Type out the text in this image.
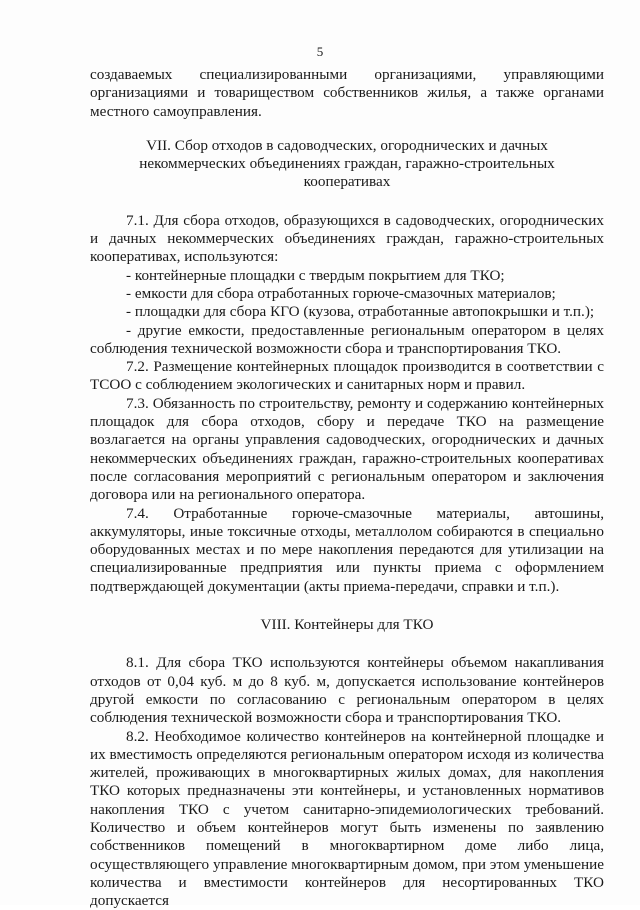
5

создаваемых специализированными организациями, управляющими организациями и товариществом собственников жилья, а также органами местного самоуправления.

VII. Сбор отходов в садоводческих, огороднических и дачных некоммерческих объединениях граждан, гаражно-строительных кооперативах

7.1. Для сбора отходов, образующихся в садоводческих, огороднических и дачных некоммерческих объединениях граждан, гаражно-строительных кооперативах, используются:

- контейнерные площадки с твердым покрытием для ТКО;

- емкости для сбора отработанных горюче-смазочных материалов;

- площадки для сбора КГО (кузова, отработанные автопокрышки и т.п.);

- другие емкости, предоставленные региональным оператором в целях соблюдения технической возможности сбора и транспортирования ТКО.

7.2. Размещение контейнерных площадок производится в соответствии с ТСОО с соблюдением экологических и санитарных норм и правил.

7.3. Обязанность по строительству, ремонту и содержанию контейнерных площадок для сбора отходов, сбору и передаче ТКО на размещение возлагается на органы управления садоводческих, огороднических и дачных некоммерческих объединениях граждан, гаражно-строительных кооперативах после согласования мероприятий с региональным оператором и заключения договора или на регионального оператора.

7.4. Отработанные горюче-смазочные материалы, автошины, аккумуляторы, иные токсичные отходы, металлолом собираются в специально оборудованных местах и по мере накопления передаются для утилизации на специализированные предприятия или пункты приема с оформлением подтверждающей документации (акты приема-передачи, справки и т.п.).

VIII. Контейнеры для ТКО

8.1. Для сбора ТКО используются контейнеры объемом накапливания отходов от 0,04 куб. м до 8 куб. м, допускается использование контейнеров другой емкости по согласованию с региональным оператором в целях соблюдения технической возможности сбора и транспортирования ТКО.

8.2. Необходимое количество контейнеров на контейнерной площадке и их вместимость определяются региональным оператором исходя из количества жителей, проживающих в многоквартирных жилых домах, для накопления ТКО которых предназначены эти контейнеры, и установленных нормативов накопления ТКО с учетом санитарно-эпидемиологических требований. Количество и объем контейнеров могут быть изменены по заявлению собственников помещений в многоквартирном доме либо лица, осуществляющего управление многоквартирным домом, при этом уменьшение количества и вместимости контейнеров для несортированных ТКО допускается
